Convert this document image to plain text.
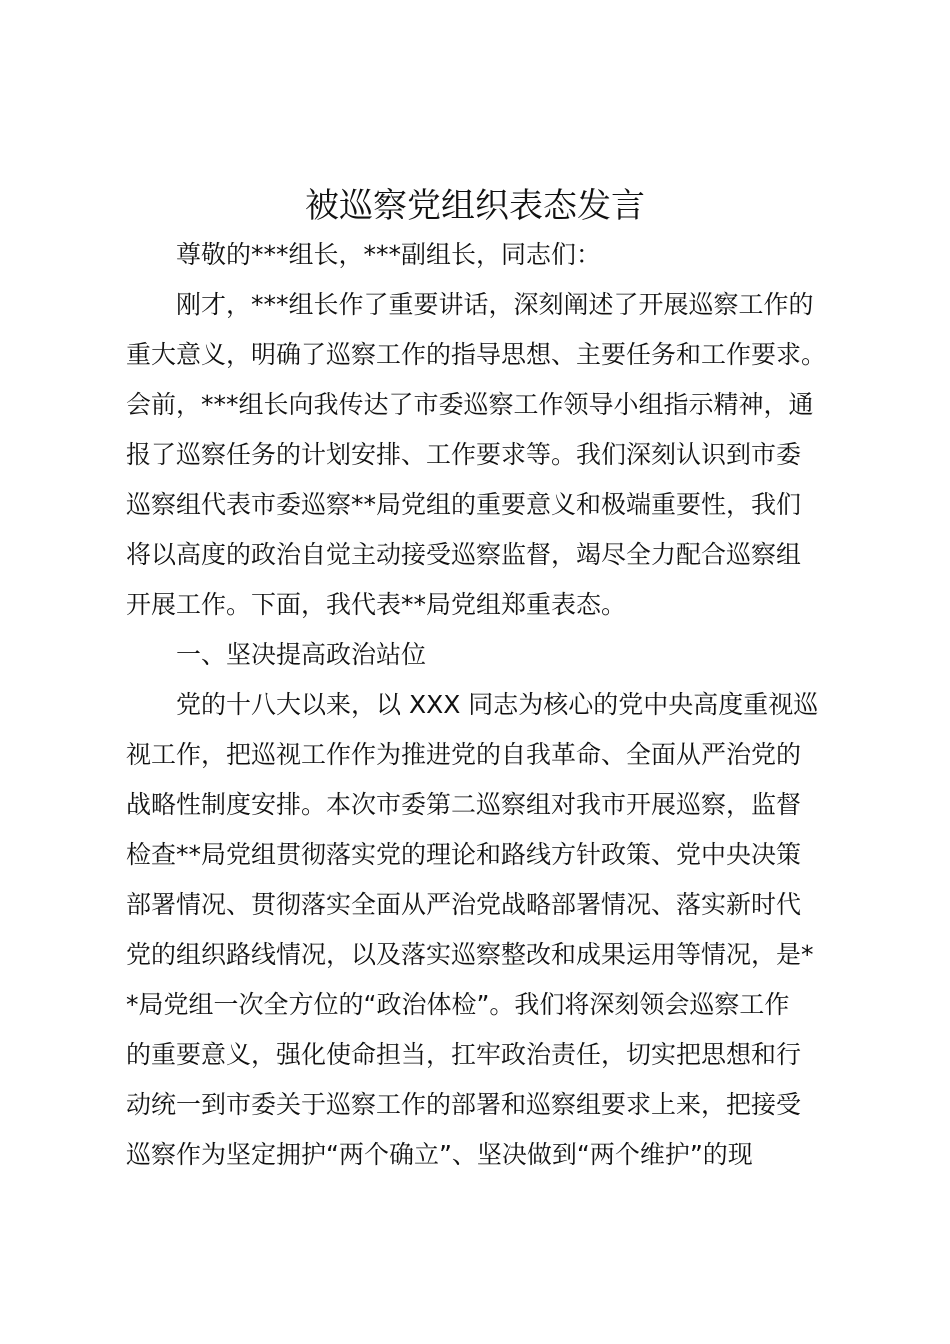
被巡察党组织表态发言
尊敬的***组长，***副组长，同志们：
刚才，***组长作了重要讲话，深刻阐述了开展巡察工作的
重大意义，明确了巡察工作的指导思想、主要任务和工作要求。
会前，***组长向我传达了市委巡察工作领导小组指示精神，通
报了巡察任务的计划安排、工作要求等。我们深刻认识到市委
巡察组代表市委巡察**局党组的重要意义和极端重要性，我们
将以高度的政治自觉主动接受巡察监督，竭尽全力配合巡察组
开展工作。下面，我代表**局党组郑重表态。
一、坚决提高政治站位
党的十八大以来，以 XXX 同志为核心的党中央高度重视巡
视工作，把巡视工作作为推进党的自我革命、全面从严治党的
战略性制度安排。本次市委第二巡察组对我市开展巡察，监督
检查**局党组贯彻落实党的理论和路线方针政策、党中央决策
部署情况、贯彻落实全面从严治党战略部署情况、落实新时代
党的组织路线情况，以及落实巡察整改和成果运用等情况，是*
*局党组一次全方位的“政治体检”。我们将深刻领会巡察工作
的重要意义，强化使命担当，扛牢政治责任，切实把思想和行
动统一到市委关于巡察工作的部署和巡察组要求上来，把接受
巡察作为坚定拥护“两个确立”、坚决做到“两个维护”的现
